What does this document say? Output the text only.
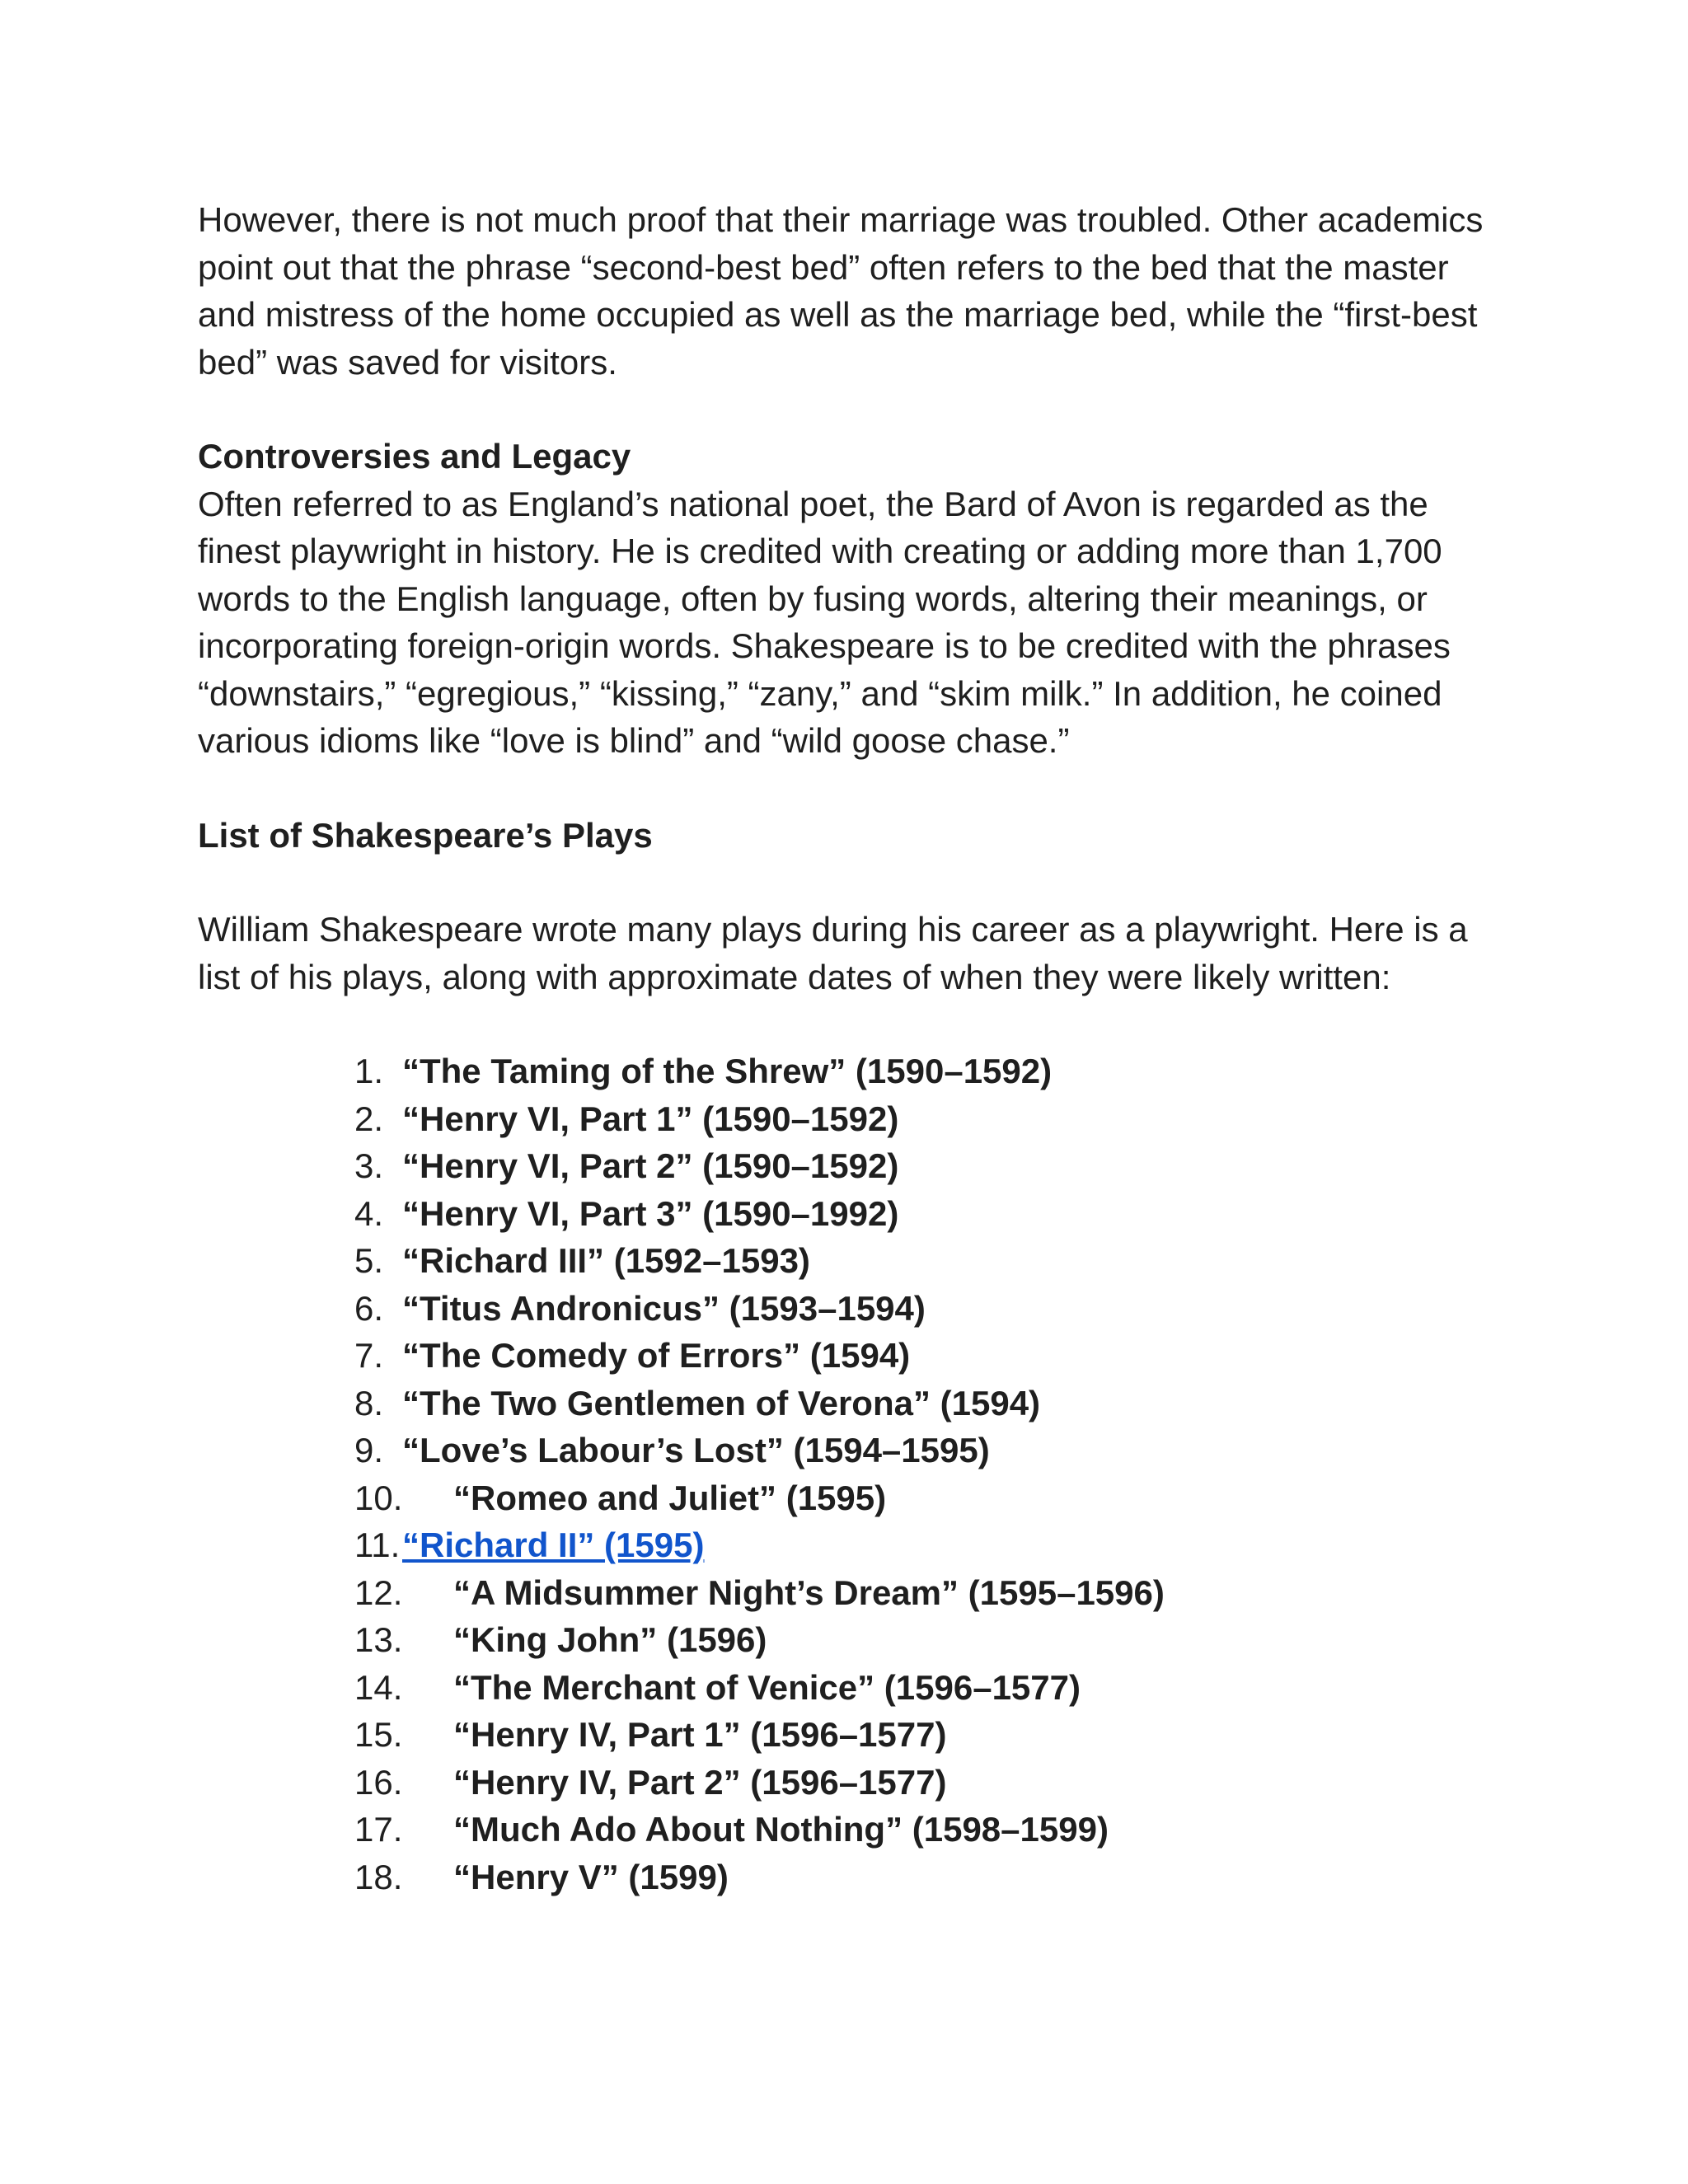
However, there is not much proof that their marriage was troubled. Other academics point out that the phrase “second-best bed” often refers to the bed that the master and mistress of the home occupied as well as the marriage bed, while the “first-best bed” was saved for visitors.

Controversies and Legacy

Often referred to as England’s national poet, the Bard of Avon is regarded as the finest playwright in history. He is credited with creating or adding more than 1,700 words to the English language, often by fusing words, altering their meanings, or incorporating foreign-origin words. Shakespeare is to be credited with the phrases “downstairs,” “egregious,” “kissing,” “zany,” and “skim milk.” In addition, he coined various idioms like “love is blind” and “wild goose chase.”

List of Shakespeare’s Plays

William Shakespeare wrote many plays during his career as a playwright. Here is a list of his plays, along with approximate dates of when they were likely written:

1. “The Taming of the Shrew” (1590–1592)
2. “Henry VI, Part 1” (1590–1592)
3. “Henry VI, Part 2” (1590–1592)
4. “Henry VI, Part 3” (1590–1992)
5. “Richard III” (1592–1593)
6. “Titus Andronicus” (1593–1594)
7. “The Comedy of Errors” (1594)
8. “The Two Gentlemen of Verona” (1594)
9. “Love’s Labour’s Lost” (1594–1595)
10.	“Romeo and Juliet” (1595)
11. “Richard II” (1595)
12.	“A Midsummer Night’s Dream” (1595–1596)
13.	“King John” (1596)
14.	“The Merchant of Venice” (1596–1577)
15.	“Henry IV, Part 1” (1596–1577)
16.	“Henry IV, Part 2” (1596–1577)
17.	“Much Ado About Nothing” (1598–1599)
18.	“Henry V” (1599)
